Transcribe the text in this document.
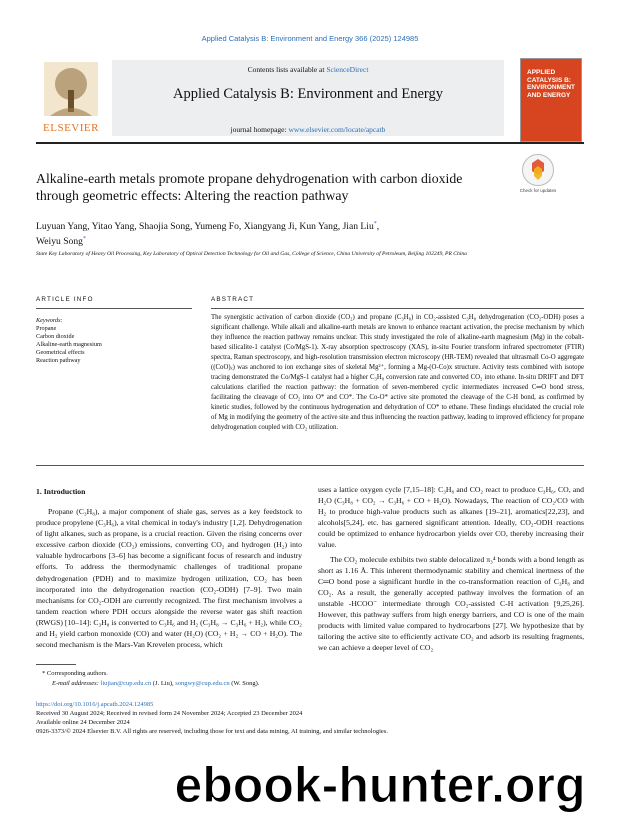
Applied Catalysis B: Environment and Energy 366 (2025) 124985
ELSEVIER
Contents lists available at ScienceDirect
Applied Catalysis B: Environment and Energy
journal homepage: www.elsevier.com/locate/apcatb
APPLIED CATALYSIS B: ENVIRONMENT AND ENERGY
Alkaline-earth metals promote propane dehydrogenation with carbon dioxide through geometric effects: Altering the reaction pathway	Check for updates
Luyuan Yang, Yitao Yang, Shaojia Song, Yumeng Fo, Xiangyang Ji, Kun Yang, Jian Liu*,
Weiyu Song*
State Key Laboratory of Heavy Oil Processing, Key Laboratory of Optical Detection Technology for Oil and Gas, College of Science, China University of Petroleum, Beijing 102249, PR China
ARTICLE INFO	ABSTRACT
Keywords:
Propane
Carbon dioxide
Alkaline-earth magnesium
Geometrical effects
Reaction pathway
The synergistic activation of carbon dioxide (CO₂) and propane (C₃H₈) in CO₂-assisted C₃H₈ dehydrogenation (CO₂-ODH) poses a significant challenge. While alkali and alkaline-earth metals are known to enhance reactant activation, the precise mechanism by which they influence the reaction pathway remains unclear. This study investigated the role of alkaline-earth magnesium (Mg) in the cobalt-based silicalite-1 catalyst (Co/MgS-1). X-ray absorption spectroscopy (XAS), in-situ Fourier transform infrared spectrometer (FTIR) spectra, Raman spectroscopy, and high-resolution transmission electron microscopy (HR-TEM) revealed that ultrasmall Co-O aggregate ((CoO)ₓ) was anchored to ion exchange sites of skeletal Mg²⁺, forming a Mg-(O-Co)x structure. Activity tests combined with isotope tracing demonstrated the Co/MgS-1 catalyst had a higher C₃H₈ conversion rate and converted CO₂ into ethane. In-situ DRIFT and DFT calculations clarified the reaction pathway: the formation of seven-membered cyclic intermediates increased C═O bond stress, facilitating the cleavage of CO₂ into O* and CO*. The Co-O* active site promoted the cleavage of the C-H bond, as confirmed by kinetic studies, followed by the continuous hydrogenation and dehydration of CO* to ethane. These findings elucidated the crucial role of Mg in modifying the geometry of the active site and thus influencing the reaction pathway, leading to improved efficiency for propane dehydrogenation coupled with CO₂ utilization.
1. Introduction
Propane (C₃H₈), a major component of shale gas, serves as a key feedstock to produce propylene (C₃H₆), a vital chemical in today's industry [1,2]. Dehydrogenation of light alkanes, such as propane, is a crucial reaction. Given the rising concerns over excessive carbon dioxide (CO₂) emissions, converting CO₂ and hydrogen (H₂) into valuable hydrocarbons [3–6] has become a significant focus of research and industry efforts. To address the thermodynamic challenges of traditional propane dehydrogenation (PDH) and to maximize hydrogen utilization, CO₂ has been incorporated into the dehydrogenation reaction (CO₂-ODH) [7–9]. Two main mechanisms for CO₂-ODH are currently recognized. The first mechanism involves a tandem reaction where PDH occurs alongside the reverse water gas shift reaction (RWGS) [10–14]: C₃H₈ is converted to C₃H₆ and H₂ (C₃H₈ → C₃H₆ + H₂), while CO₂ and H₂ yield carbon monoxide (CO) and water (H₂O) (CO₂ + H₂ → CO + H₂O). The second mechanism is the Mars-Van Krevelen process, which
uses a lattice oxygen cycle [7,15–18]: C₃H₈ and CO₂ react to produce C₃H₆, CO, and H₂O (C₃H₈ + CO₂ → C₃H₆ + CO + H₂O). Nowadays, The reaction of CO₂/CO with H₂ to produce high-value products such as alkanes [19–21], aromatics[22,23], and alcohols[5,24], etc. has garnered significant attention. Ideally, CO₂-ODH reactions could be optimized to enhance hydrocarbon yields over CO, thereby increasing their value.
The CO₂ molecule exhibits two stable delocalized π₃⁴ bonds with a bond length as short as 1.16 Å. This inherent thermodynamic stability and chemical inertness of the C═O bond pose a significant hurdle in the co-transformation reaction of C₃H₈ and CO₂. As a result, the generally accepted pathway involves the formation of an unstable -HCOO⁻ intermediate through CO₂-assisted C-H activation [9,25,26]. However, this pathway suffers from high energy barriers, and CO is one of the main products with limited value compared to hydrocarbons [27]. We hypothesize that by tailoring the active site to efficiently activate CO₂ and adsorb its resulting fragments, we can achieve a deeper level of CO₂
* Corresponding authors.
E-mail addresses: liujian@cup.edu.cn (J. Liu), songwy@cup.edu.cn (W. Song).
https://doi.org/10.1016/j.apcatb.2024.124985
Received 30 August 2024; Received in revised form 24 November 2024; Accepted 23 December 2024
Available online 24 December 2024
0926-3373/© 2024 Elsevier B.V. All rights are reserved, including those for text and data mining, AI training, and similar technologies.
ebook-hunter.org
